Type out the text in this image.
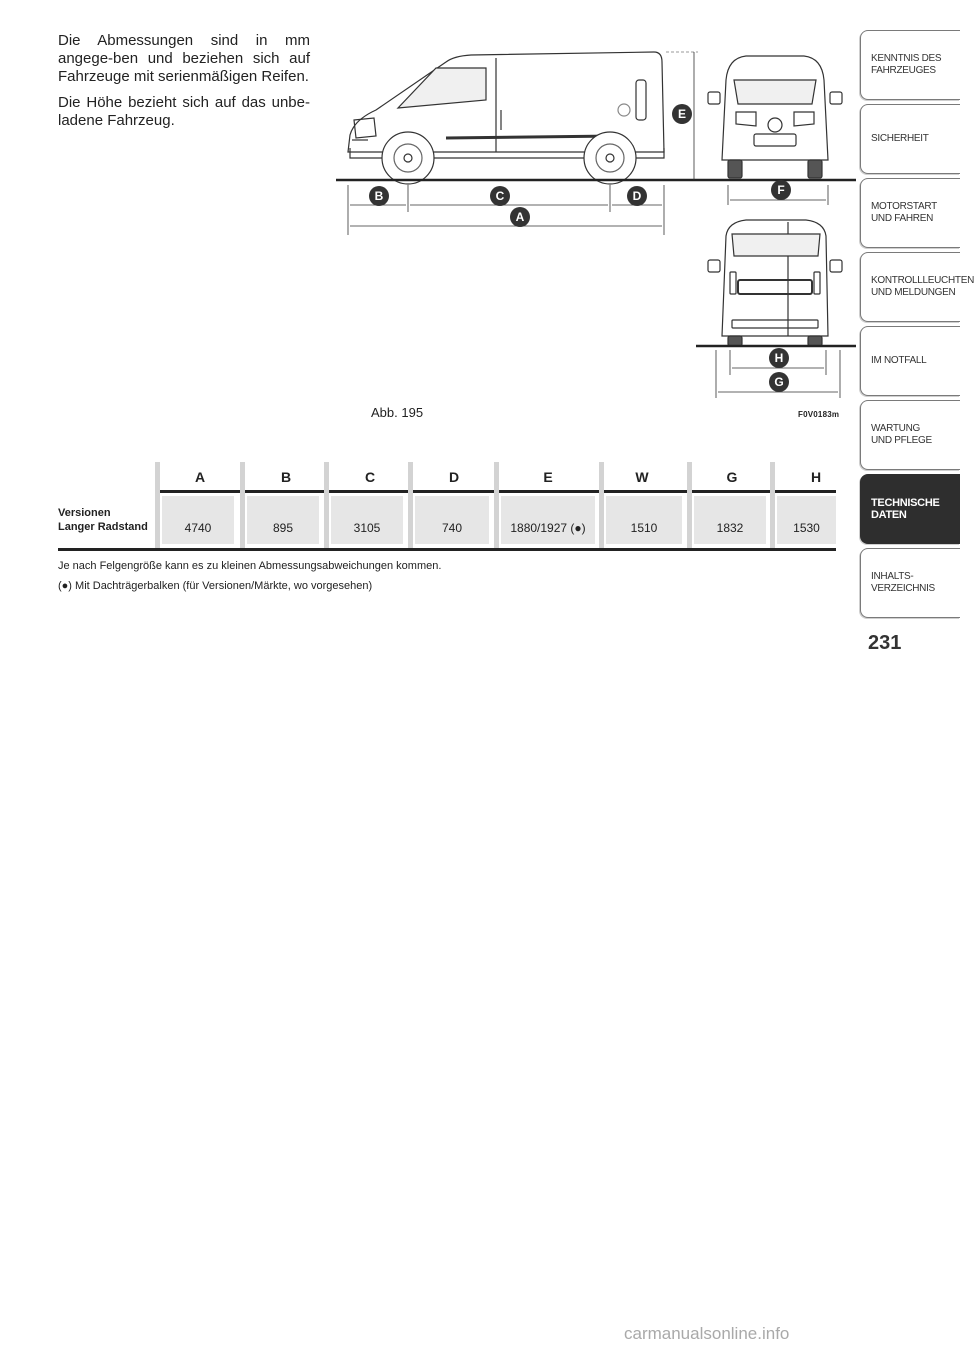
Die Abmessungen sind in mm angege-ben und beziehen sich auf Fahrzeuge mit serienmäßigen Reifen.

Die Höhe bezieht sich auf das unbe-ladene Fahrzeug.

B	C	D
A
E
F
H
G
Abb. 195	F0V0183m
A	B	C	D	E	W	G	H
Versionen
Langer Radstand	4740	895	3105	740	1880/1927 (●)	1510	1832	1530
Je nach Felgengröße kann es zu kleinen Abmessungsabweichungen kommen.
(●) Mit Dachträgerbalken (für Versionen/Märkte, wo vorgesehen)
KENNTNIS DES
FAHRZEUGES
SICHERHEIT
MOTORSTART
UND FAHREN
KONTROLLLEUCHTEN
UND MELDUNGEN
IM NOTFALL
WARTUNG
UND PFLEGE
TECHNISCHE
DATEN
INHALTS-
VERZEICHNIS
231
carmanualsonline.info
